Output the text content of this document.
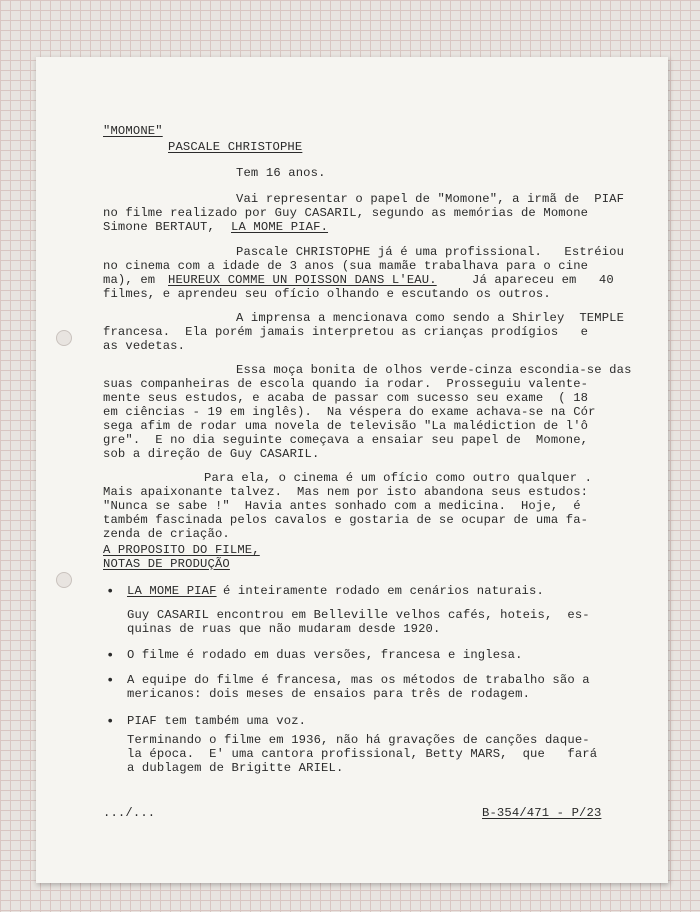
"MOMONE"
PASCALE CHRISTOPHE
Tem 16 anos.
Vai representar o papel de "Momone", a irmã de  PIAF
no filme realizado por Guy CASARIL, segundo as memórias de Momone
Simone BERTAUT, LA MOME PIAF.
Pascale CHRISTOPHE já é uma profissional.   Estréiou
no cinema com a idade de 3 anos (sua mamãe trabalhava para o cine
ma), em HEUREUX COMME UN POISSON DANS L'EAU.	Já apareceu em   40
filmes, e aprendeu seu ofício olhando e escutando os outros.
A imprensa a mencionava como sendo a Shirley  TEMPLE
francesa.  Ela porém jamais interpretou as crianças prodígios   e
as vedetas.
Essa moça bonita de olhos verde-cinza escondia-se das
suas companheiras de escola quando ia rodar.  Prosseguiu valente-
mente seus estudos, e acaba de passar com sucesso seu exame  ( 18
em ciências - 19 em inglês).  Na véspera do exame achava-se na Cór
sega afim de rodar uma novela de televisão "La malédiction de l'ô
gre".  E no dia seguinte começava a ensaiar seu papel de  Momone,
sob a direção de Guy CASARIL.
Para ela, o cinema é um ofício como outro qualquer .
Mais apaixonante talvez.  Mas nem por isto abandona seus estudos:
"Nunca se sabe !"  Havia antes sonhado com a medicina.  Hoje,  é
também fascinada pelos cavalos e gostaria de se ocupar de uma fa-
zenda de criação.
A PROPOSITO DO FILME,
NOTAS DE PRODUÇÃO
• LA MOME PIAF é inteiramente rodado em cenários naturais.
Guy CASARIL encontrou em Belleville velhos cafés, hoteis,  es-
quinas de ruas que não mudaram desde 1920.
• O filme é rodado em duas versões, francesa e inglesa.
• A equipe do filme é francesa, mas os métodos de trabalho são a
mericanos: dois meses de ensaios para três de rodagem.
• PIAF tem também uma voz.
Terminando o filme em 1936, não há gravações de canções daque-
la época.  E' uma cantora profissional, Betty MARS,  que   fará
a dublagem de Brigitte ARIEL.
.../...	B-354/471 - P/23
